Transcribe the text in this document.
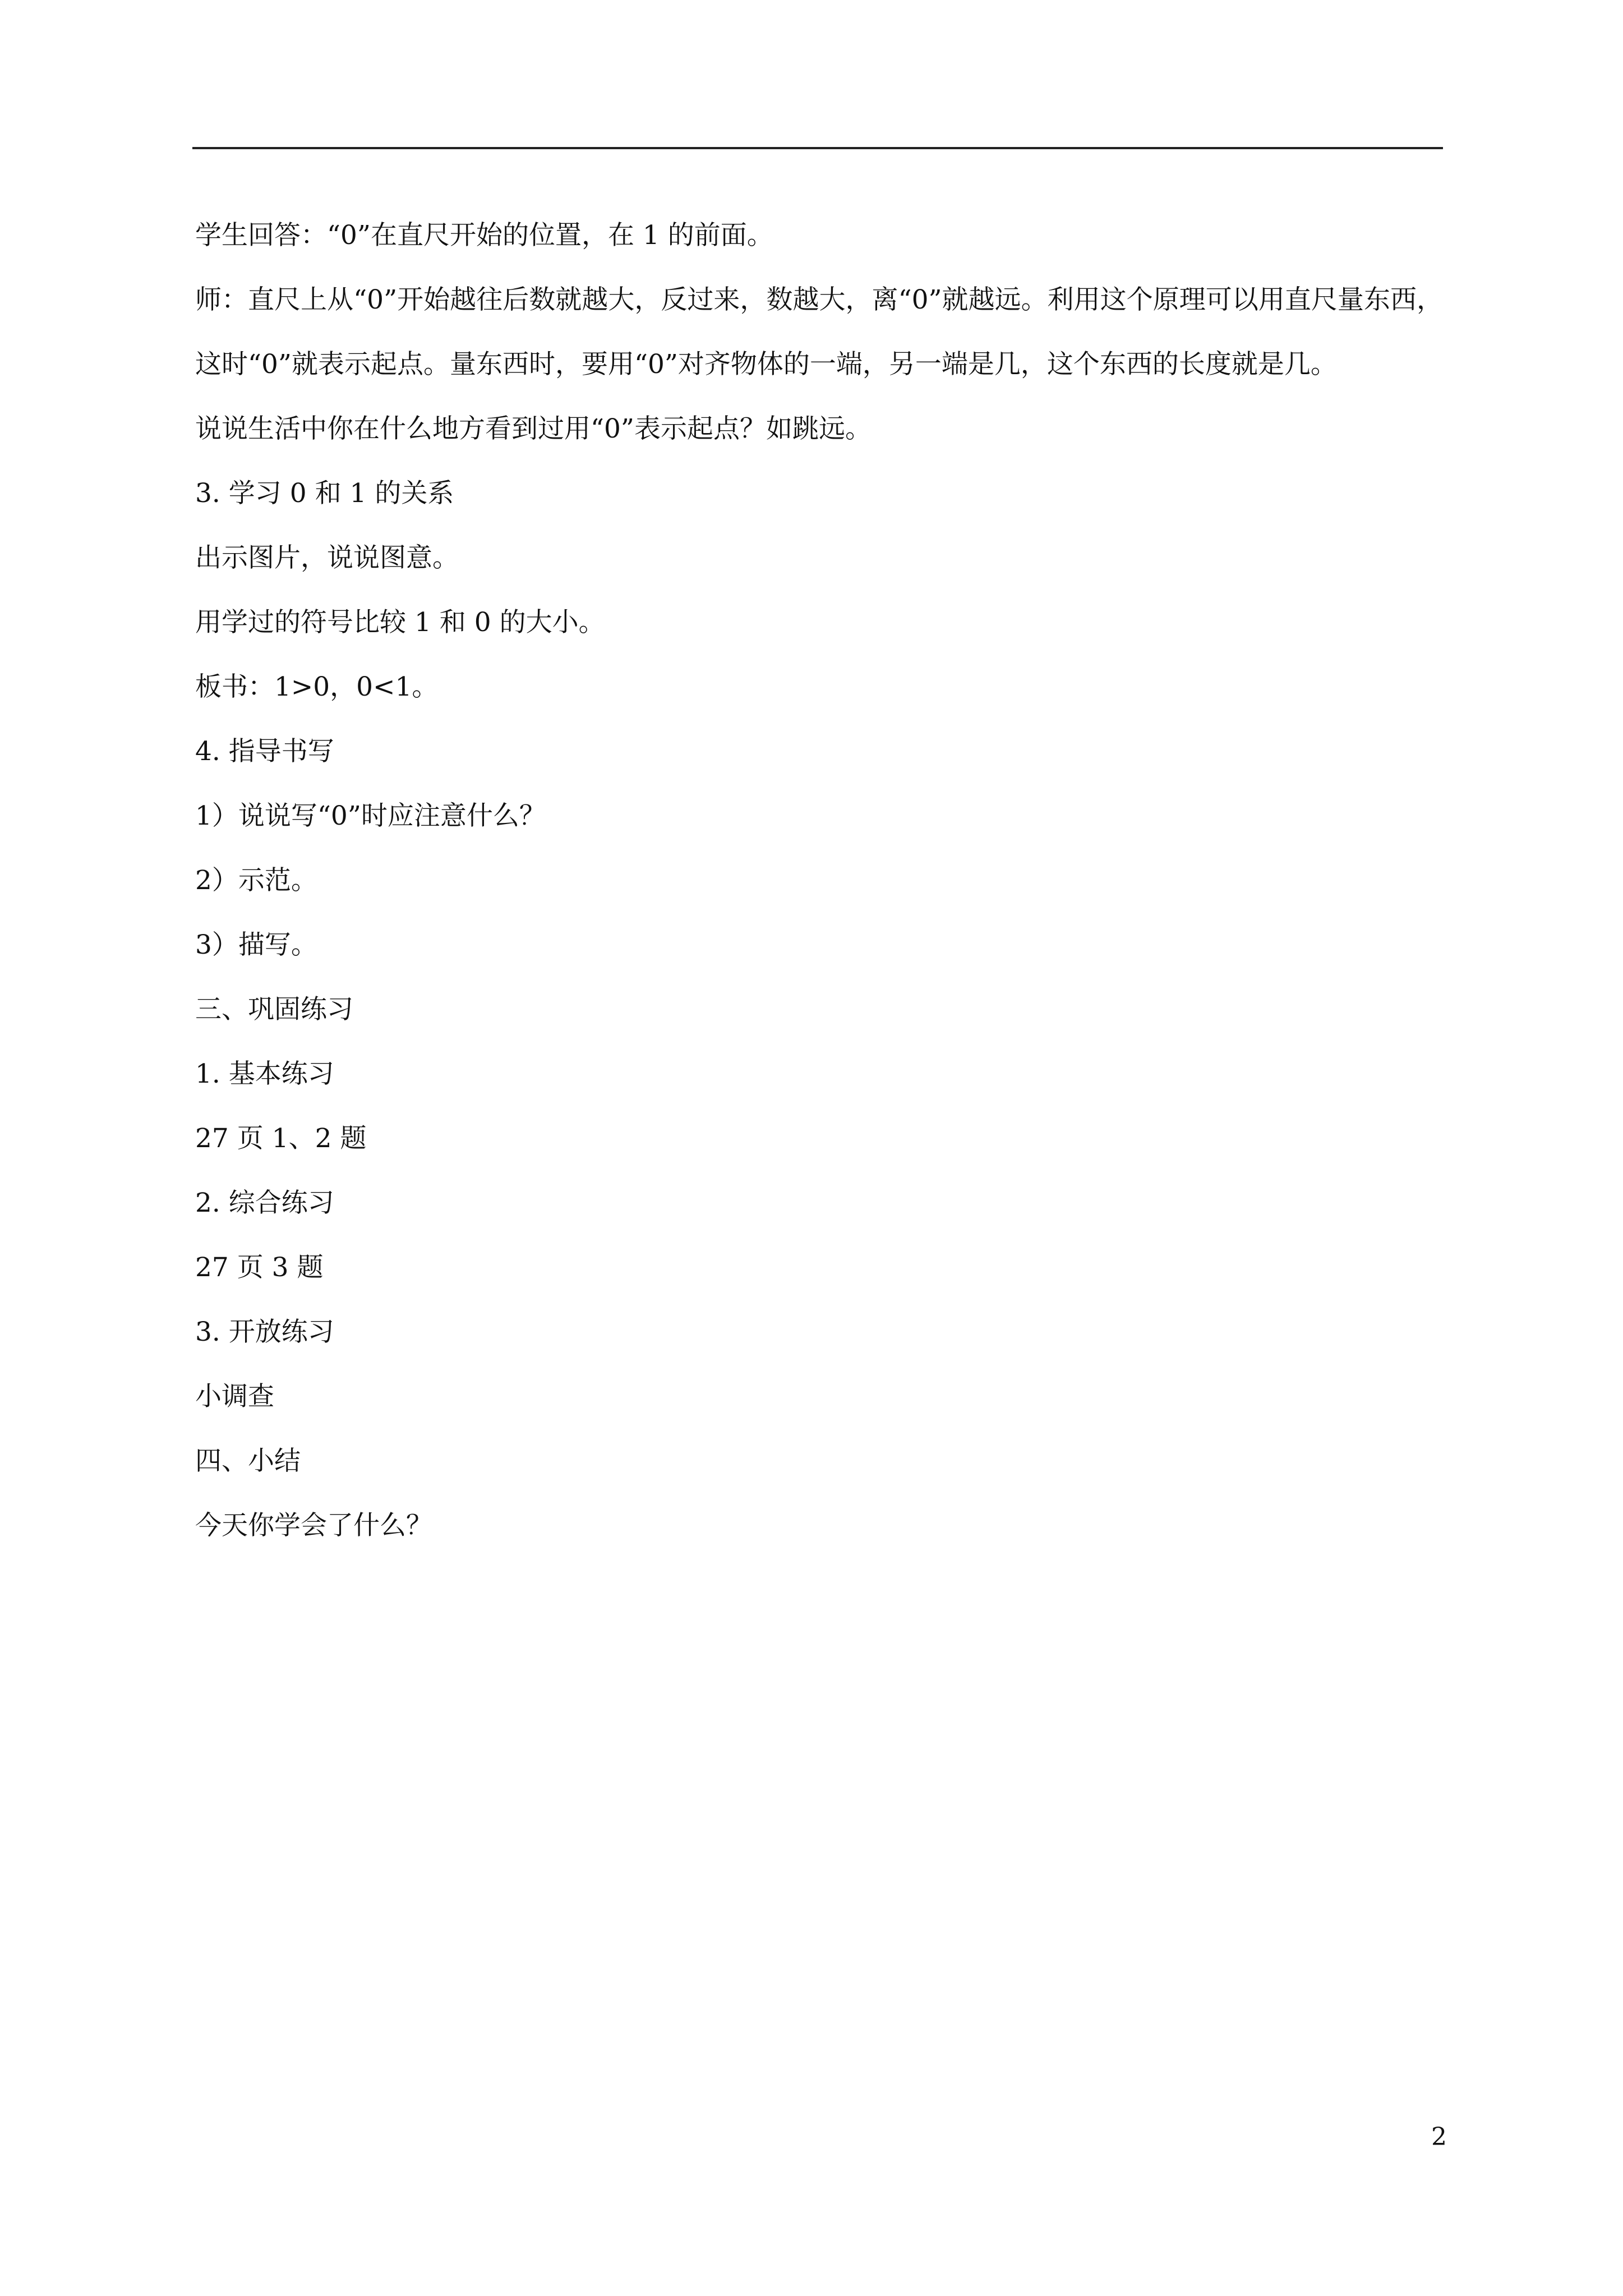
学生回答：“0”在直尺开始的位置，在 1 的前面。

师：直尺上从“0”开始越往后数就越大，反过来，数越大，离“0”就越远。利用这个原理可以用直尺量东西，这时“0”就表示起点。量东西时，要用“0”对齐物体的一端，另一端是几，这个东西的长度就是几。

说说生活中你在什么地方看到过用“0”表示起点？如跳远。

3. 学习 0 和 1 的关系

出示图片，说说图意。

用学过的符号比较 1 和 0 的大小。

板书：1>0，0<1。

4. 指导书写

1）说说写“0”时应注意什么？

2）示范。

3）描写。

三、巩固练习

1. 基本练习

27 页 1、2 题

2. 综合练习

27 页 3 题

3. 开放练习

小调查

四、小结

今天你学会了什么？

2
